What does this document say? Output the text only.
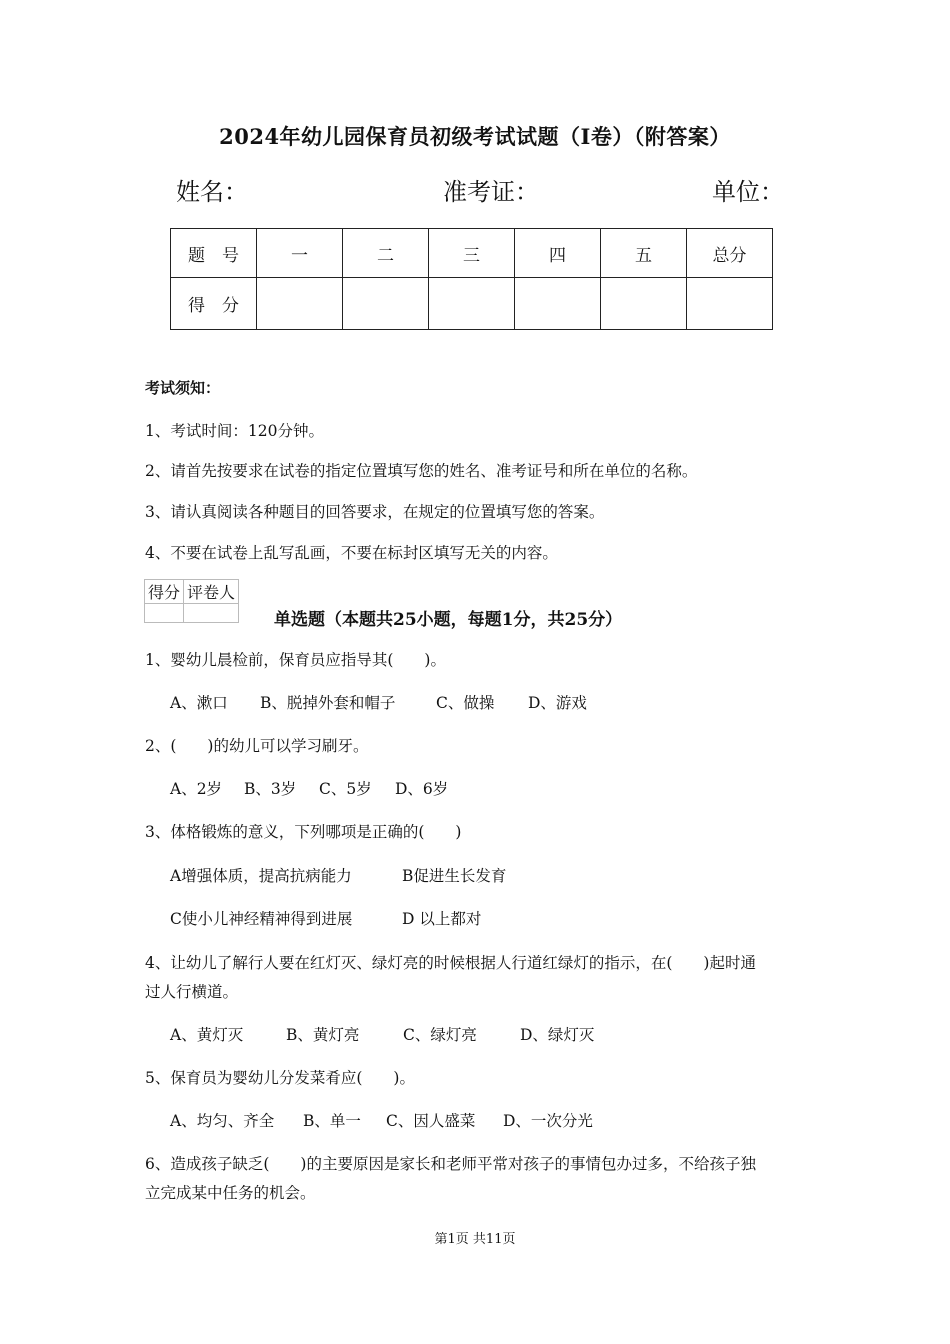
2024年幼儿园保育员初级考试试题（I卷）（附答案）
姓名：	准考证：	单位：
题　号	一	二	三	四	五	总分
得　分						
考试须知：
1、考试时间：120分钟。
2、请首先按要求在试卷的指定位置填写您的姓名、准考证号和所在单位的名称。
3、请认真阅读各种题目的回答要求，在规定的位置填写您的答案。
4、不要在试卷上乱写乱画，不要在标封区填写无关的内容。
得分	评卷人

单选题（本题共25小题，每题1分，共25分）
1、婴幼儿晨检前，保育员应指导其(　　)。
A、漱口 B、脱掉外套和帽子	C、做操 D、游戏
2、(　　)的幼儿可以学习刷牙。
A、2岁 B、3岁 C、5岁 D、6岁
3、体格锻炼的意义，下列哪项是正确的(　　)
A增强体质，提高抗病能力	B促进生长发育
C使小儿神经精神得到进展	D 以上都对
4、让幼儿了解行人要在红灯灭、绿灯亮的时候根据人行道红绿灯的指示，在(　　)起时通
过人行横道。
A、黄灯灭	B、黄灯亮	C、绿灯亮	D、绿灯灭
5、保育员为婴幼儿分发菜肴应(　　)。
A、均匀、齐全 B、单一 C、因人盛菜 D、一次分光
6、造成孩子缺乏(　　)的主要原因是家长和老师平常对孩子的事情包办过多，不给孩子独
立完成某中任务的机会。
第1页 共11页
